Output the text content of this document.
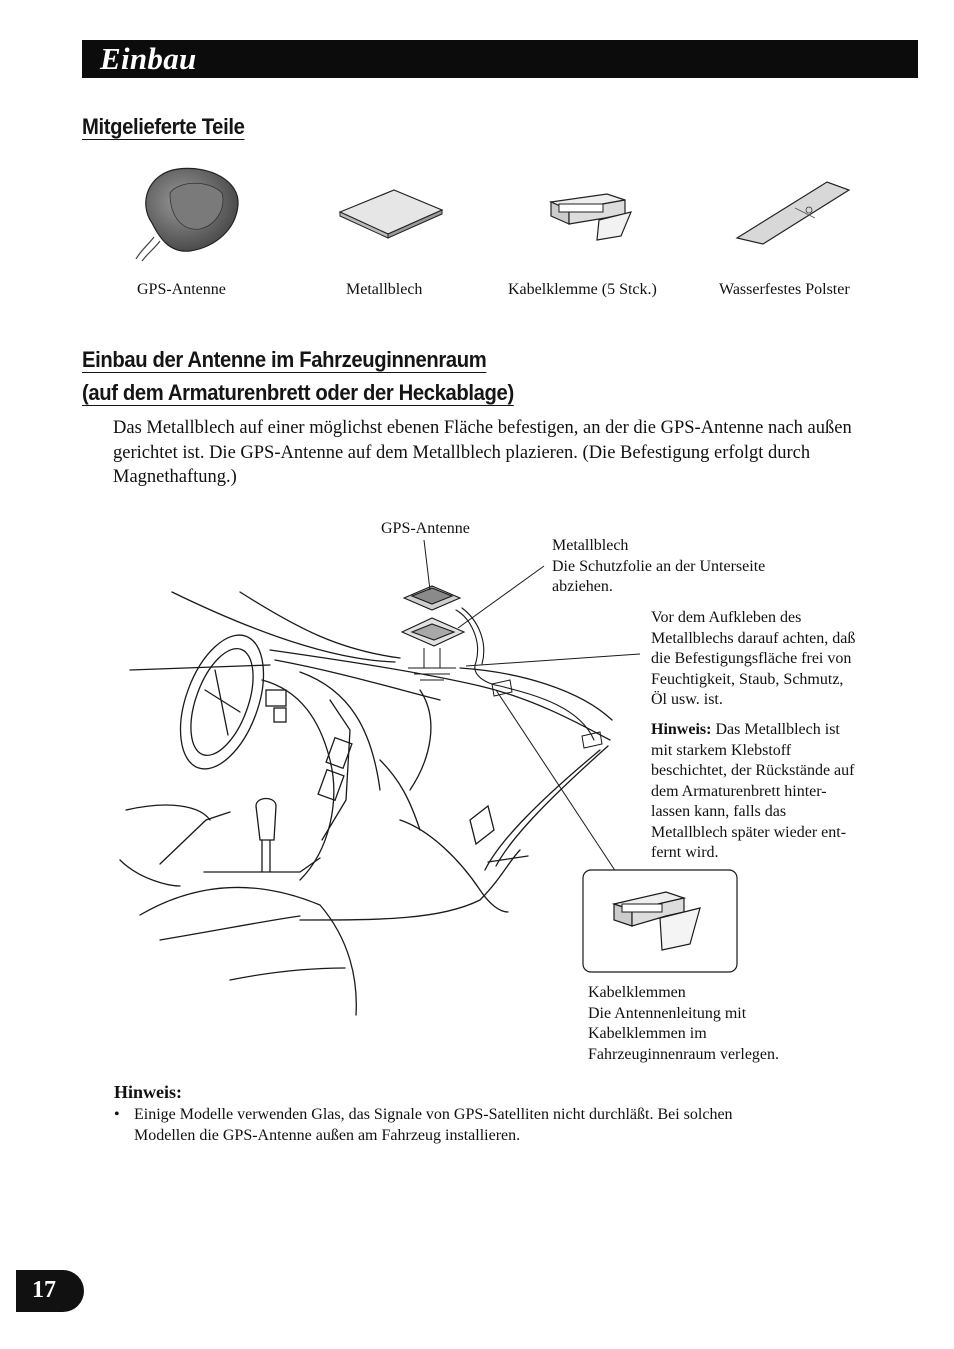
Einbau
Mitgelieferte Teile
GPS-Antenne	Metallblech	Kabelklemme (5 Stck.)	Wasserfestes Polster
Einbau der Antenne im Fahrzeuginnenraum
(auf dem Armaturenbrett oder der Heckablage)

Das Metallblech auf einer möglichst ebenen Fläche befestigen, an der die GPS-Antenne nach außen gerichtet ist. Die GPS-Antenne auf dem Metallblech plazieren. (Die Befestigung erfolgt durch Magnethaftung.)

GPS-Antenne
Metallblech
Die Schutzfolie an der Unterseite
abziehen.
Vor dem Aufkleben des
Metallblechs darauf achten, daß
die Befestigungsfläche frei von
Feuchtigkeit, Staub, Schmutz,
Öl usw. ist.
Hinweis: Das Metallblech ist
mit starkem Klebstoff
beschichtet, der Rückstände auf
dem Armaturenbrett hinter-
lassen kann, falls das
Metallblech später wieder ent-
fernt wird.
Kabelklemmen
Die Antennenleitung mit
Kabelklemmen im
Fahrzeuginnenraum verlegen.
Hinweis:
• Einige Modelle verwenden Glas, das Signale von GPS-Satelliten nicht durchläßt. Bei solchen
Modellen die GPS-Antenne außen am Fahrzeug installieren.
17
